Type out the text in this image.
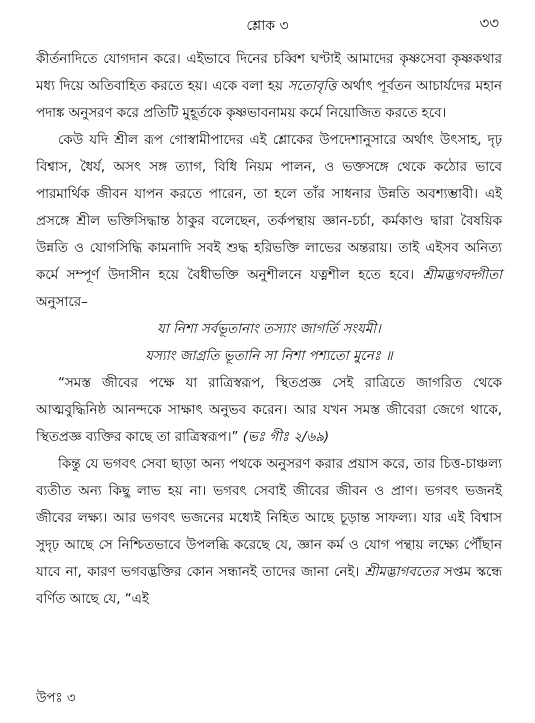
শ্লোক ৩	৩৩

কীর্তনাদিতে যোগদান করে। এইভাবে দিনের চব্বিশ ঘণ্টাই আমাদের কৃষ্ণসেবা কৃষ্ণকথার মধ্য দিয়ে অতিবাহিত করতে হয়। একে বলা হয় সতোবৃত্তি অর্থাৎ পূর্বতন আচার্যদের মহান পদাঙ্ক অনুসরণ করে প্রতিটি মুহূর্তকে কৃষ্ণভাবনাময় কর্মে নিয়োজিত করতে হবে।

কেউ যদি শ্রীল রূপ গোস্বামীপাদের এই শ্লোকের উপদেশানুসারে অর্থাৎ উৎসাহ, দৃঢ় বিশ্বাস, ধৈর্য, অসৎ সঙ্গ ত্যাগ, বিধি নিয়ম পালন, ও ভক্তসঙ্গে থেকে কঠোর ভাবে পারমার্থিক জীবন যাপন করতে পারেন, তা হলে তাঁর সাধনার উন্নতি অবশ্যম্ভাবী। এই প্রসঙ্গে শ্রীল ভক্তিসিদ্ধান্ত ঠাকুর বলেছেন, তর্কপন্থায় জ্ঞান-চর্চা, কর্মকাণ্ড দ্বারা বৈষয়িক উন্নতি ও যোগসিদ্ধি কামনাদি সবই শুদ্ধ হরিভক্তি লাভের অন্তরায়। তাই এইসব অনিত্য কর্মে সম্পূর্ণ উদাসীন হয়ে বৈধীভক্তি অনুশীলনে যত্নশীল হতে হবে। শ্রীমদ্ভগবদ্গীতা অনুসারে–

যা নিশা সর্বভূতানাং তস্যাং জাগর্তি সংযমী।
যস্যাং জাগ্রতি ভূতানি সা নিশা পশ্যতো মুনেঃ ॥

“সমস্ত জীবের পক্ষে যা রাত্রিস্বরূপ, স্থিতপ্রজ্ঞ সেই রাত্রিতে জাগরিত থেকে আত্মবুদ্ধিনিষ্ঠ আনন্দকে সাক্ষাৎ অনুভব করেন। আর যখন সমস্ত জীবেরা জেগে থাকে, স্থিতপ্রজ্ঞ ব্যক্তির কাছে তা রাত্রিস্বরূপ।” (ভঃ গীঃ ২/৬৯)

কিন্তু যে ভগবৎ সেবা ছাড়া অন্য পথকে অনুসরণ করার প্রয়াস করে, তার চিত্ত-চাঞ্চল্য ব্যতীত অন্য কিছু লাভ হয় না। ভগবৎ সেবাই জীবের জীবন ও প্রাণ। ভগবৎ ভজনই জীবের লক্ষ্য। আর ভগবৎ ভজনের মধ্যেই নিহিত আছে চূড়ান্ত সাফল্য। যার এই বিশ্বাস সুদৃঢ় আছে সে নিশ্চিতভাবে উপলব্ধি করেছে যে, জ্ঞান কর্ম ও যোগ পন্থায় লক্ষ্যে পৌঁছান যাবে না, কারণ ভগবদ্ভক্তির কোন সন্ধানই তাদের জানা নেই। শ্রীমদ্ভাগবতের সপ্তম স্কন্ধে বর্ণিত আছে যে, “এই

উপঃ ৩
